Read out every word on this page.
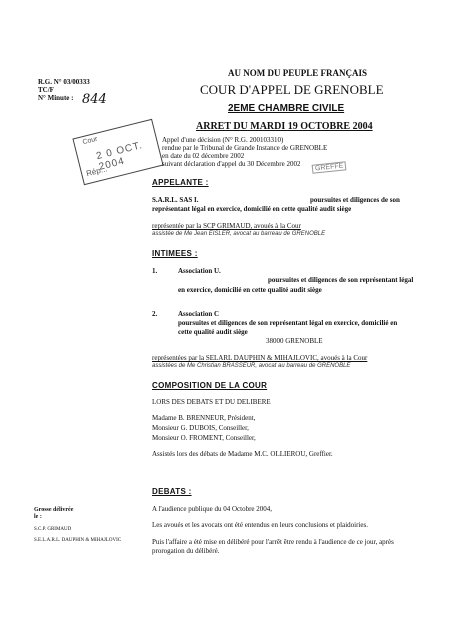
AU NOM DU PEUPLE FRANÇAIS
COUR D'APPEL DE GRENOBLE
2EME CHAMBRE CIVILE
ARRET DU MARDI 19 OCTOBRE 2004
R.G. N° 03/00333
TC/F
N° Minute : 844
Cour
2 0 OCT. 2004
Rép...	GREFFE
Appel d'une décision (N° R.G. 200103310)
rendue par le Tribunal de Grande Instance de GRENOBLE
en date du 02 décembre 2002
suivant déclaration d'appel du 30 Décembre 2002
APPELANTE :
S.A.R.L. SAS I.	poursuites et diligences de son
représentant légal en exercice, domicilié en cette qualité audit siège
représentée par la SCP GRIMAUD, avoués à la Cour
assistée de Me Jean EISLER, avocat au barreau de GRENOBLE
INTIMEES :
1.	Association U.
poursuites et diligences de son représentant légal
en exercice, domicilié en cette qualité audit siège
2.	Association C
poursuites et diligences de son représentant légal en exercice, domicilié en
cette qualité audit siège
38000 GRENOBLE
représentées par la SELARL DAUPHIN & MIHAJLOVIC, avoués à la Cour
assistées de Me Christian BRASSEUR, avocat au barreau de GRENOBLE
COMPOSITION DE LA COUR
LORS DES DEBATS ET DU DELIBERE
Madame B. BRENNEUR, Président,
Monsieur G. DUBOIS, Conseiller,
Monsieur O. FROMENT, Conseiller,
Assistés lors des débats de Madame M.C. OLLIEROU, Greffier.
DEBATS :
A l'audience publique du 04 Octobre 2004,
Les avoués et les avocats ont été entendus en leurs conclusions et plaidoiries.
Puis l'affaire a été mise en délibéré pour l'arrêt être rendu à l'audience de ce jour, après
prorogation du délibéré.
Grosse délivrée
le :
S.C.P. GRIMAUD
S.E.L.A.R.L. DAUPHIN & MIHAJLOVIC
